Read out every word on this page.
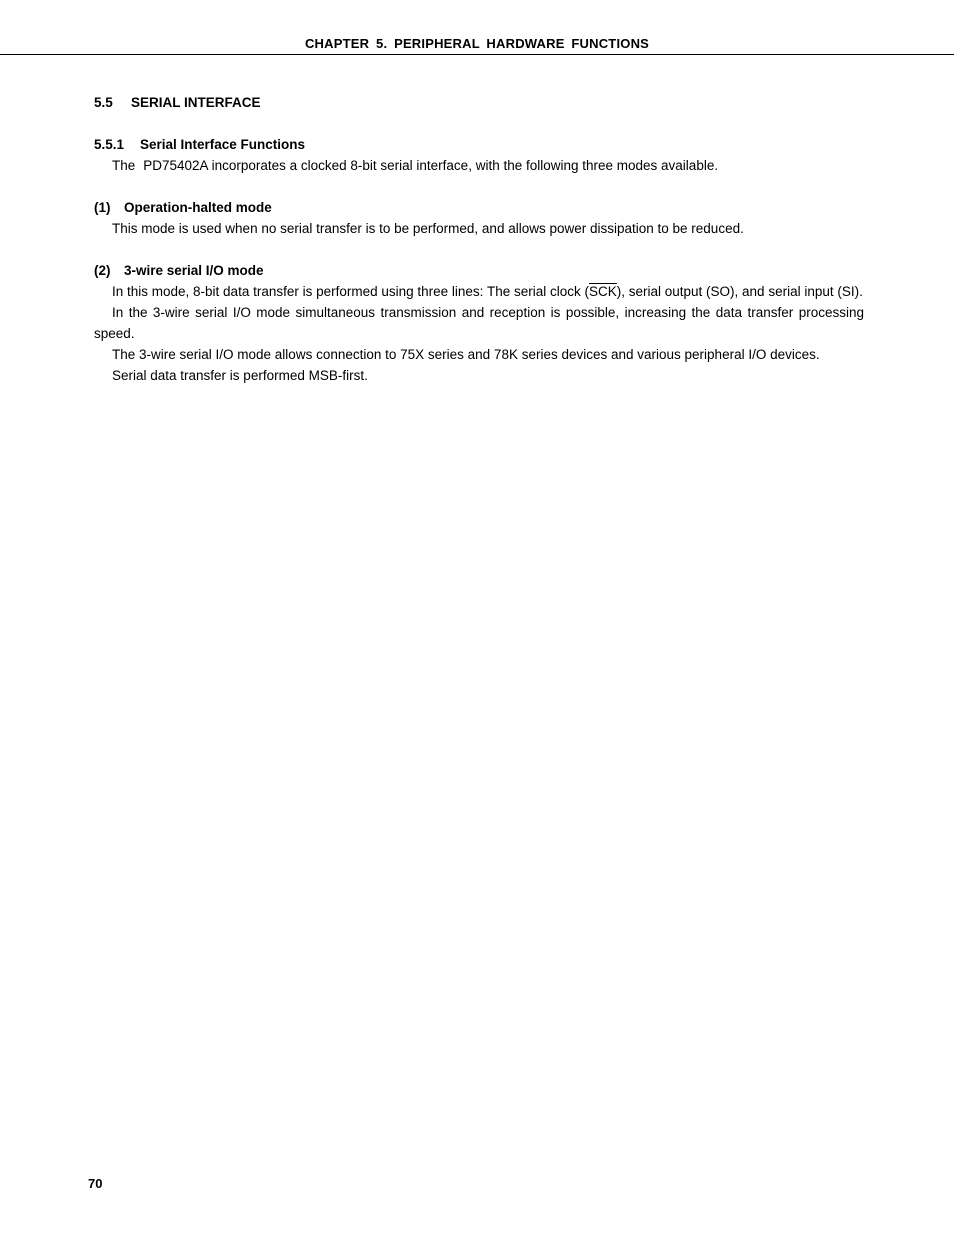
CHAPTER 5. PERIPHERAL HARDWARE FUNCTIONS
5.5 SERIAL INTERFACE
5.5.1 Serial Interface Functions

The PD75402A incorporates a clocked 8-bit serial interface, with the following three modes available.

(1) Operation-halted mode

This mode is used when no serial transfer is to be performed, and allows power dissipation to be reduced.

(2) 3-wire serial I/O mode

In this mode, 8-bit data transfer is performed using three lines: The serial clock $(\overline{SCK})$, serial output (SO), and serial input (SI).

In the 3-wire serial I/O mode simultaneous transmission and reception is possible, increasing the data transfer processing speed.

The 3-wire serial I/O mode allows connection to 75X series and 78K series devices and various peripheral I/O devices.

Serial data transfer is performed MSB-first.

70
